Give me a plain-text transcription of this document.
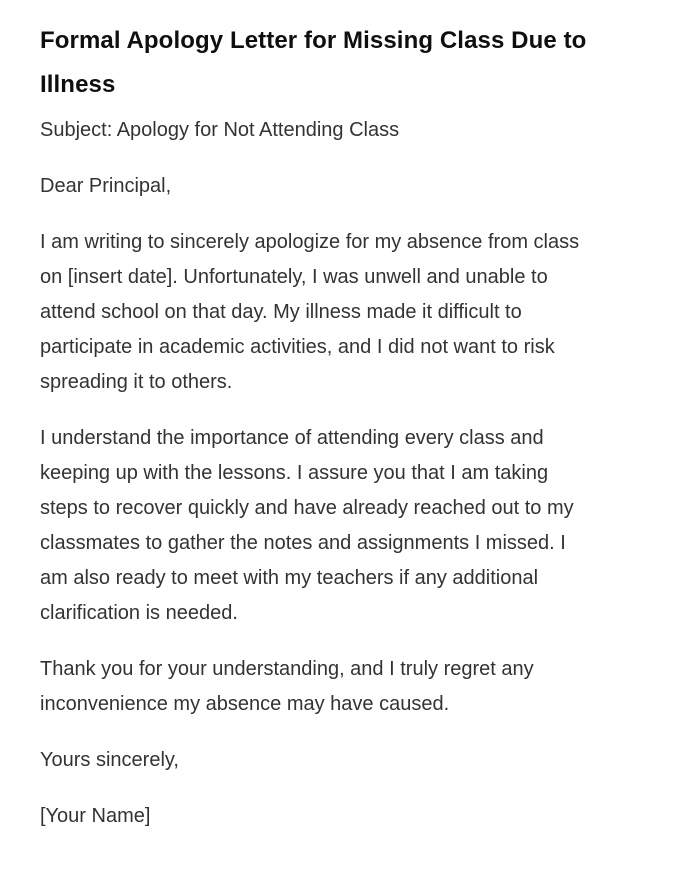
Formal Apology Letter for Missing Class Due to Illness

Subject: Apology for Not Attending Class

Dear Principal,

I am writing to sincerely apologize for my absence from class on [insert date]. Unfortunately, I was unwell and unable to attend school on that day. My illness made it difficult to participate in academic activities, and I did not want to risk spreading it to others.

I understand the importance of attending every class and keeping up with the lessons. I assure you that I am taking steps to recover quickly and have already reached out to my classmates to gather the notes and assignments I missed. I am also ready to meet with my teachers if any additional clarification is needed.

Thank you for your understanding, and I truly regret any inconvenience my absence may have caused.

Yours sincerely,

[Your Name]
